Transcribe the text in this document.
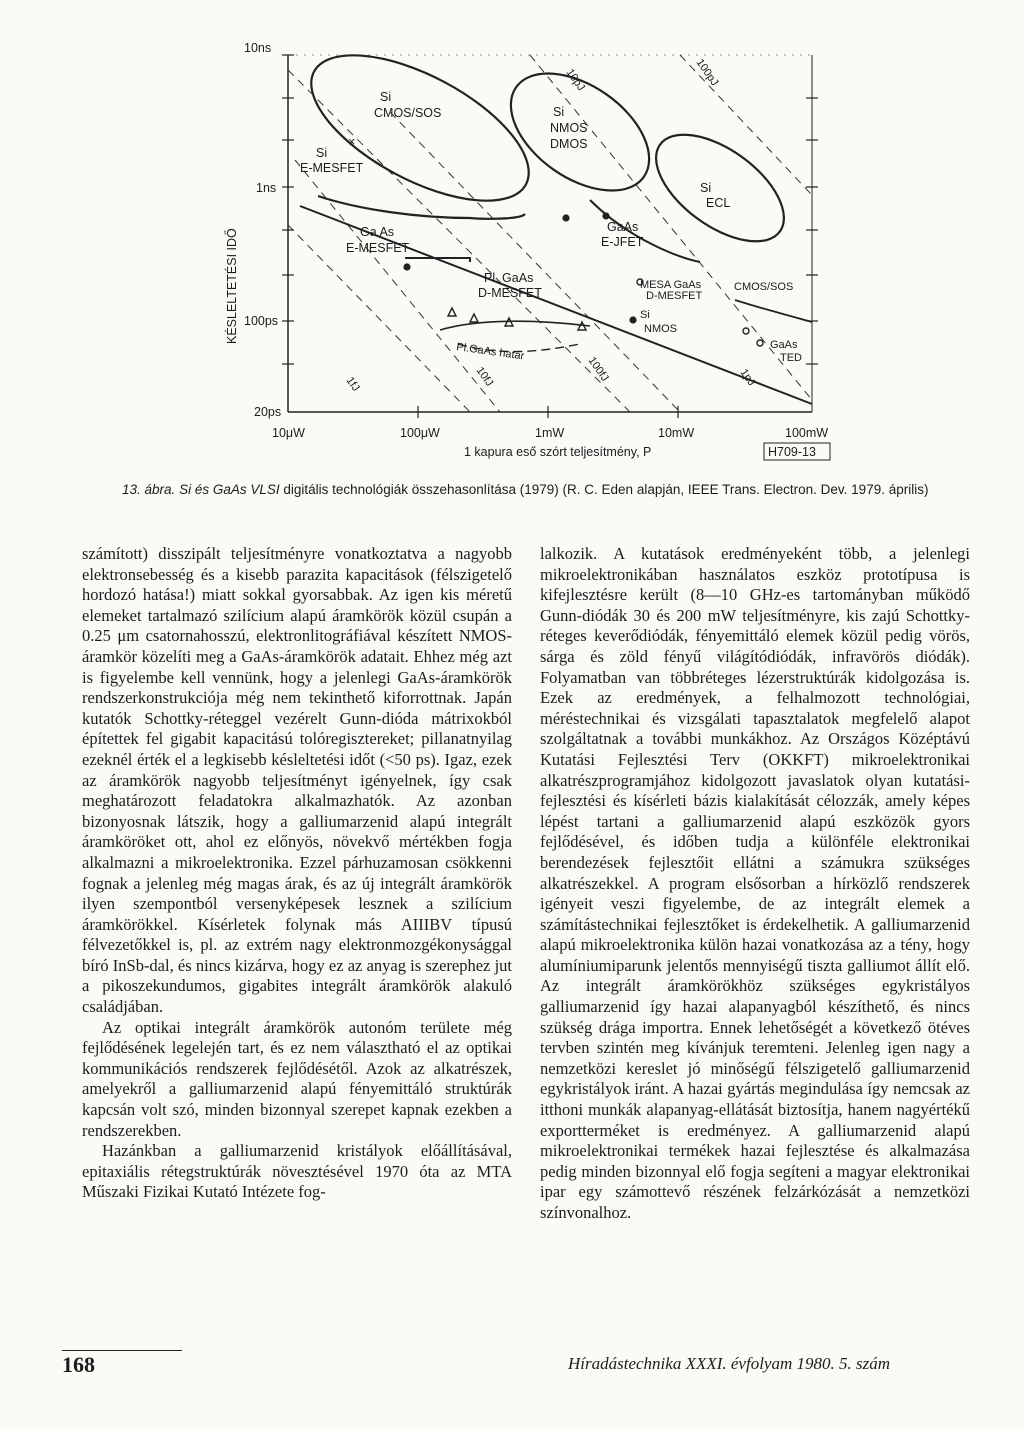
10ns
1ns
100ps
20ps
KÉSLELTETÉSI IDŐ
10μW	100μW	1mW	10mW	100mW
1 kapura eső szórt teljesítmény, P	H709-13
×
Si
CMOS/SOS	Si
NMOS
DMOS
Si
ECL
Si
E-MESFET
Ga As
E-MESFET
GaAs
E-JFET
Pl. GaAs
D-MESFET
MESA GaAs
D-MESFET
CMOS/SOS
Si
NMOS
GaAs
TED
Pl.GaAs határ
10pJ	100pJ
1pJ
10fJ	100fJ
1fJ
13. ábra. Si és GaAs VLSI digitális technológiák összehasonlítása (1979) (R. C. Eden alapján, IEEE Trans. Electron. Dev. 1979. április)

számított) disszipált teljesítményre vonatkoztatva a nagyobb elektronsebesség és a kisebb parazita kapacitások (félszigetelő hordozó hatása!) miatt sokkal gyorsabbak. Az igen kis méretű elemeket tartalmazó szilícium alapú áramkörök közül csupán a 0.25 μm csatornahosszú, elektronlitográfiával készített NMOS-áramkör közelíti meg a GaAs-áramkörök adatait. Ehhez még azt is figyelembe kell vennünk, hogy a jelenlegi GaAs-áramkörök rendszerkonstrukciója még nem tekinthető kiforrottnak. Japán kutatók Schottky-réteggel vezérelt Gunn-dióda mátrixokból építettek fel gigabit kapacitású tolóregisztereket; pillanatnyilag ezeknél érték el a legkisebb késleltetési időt (<50 ps). Igaz, ezek az áramkörök nagyobb teljesítményt igényelnek, így csak meghatározott feladatokra alkalmazhatók. Az azonban bizonyosnak látszik, hogy a galliumarzenid alapú integrált áramköröket ott, ahol ez előnyös, növekvő mértékben fogja alkalmazni a mikroelektronika. Ezzel párhuzamosan csökkenni fognak a jelenleg még magas árak, és az új integrált áramkörök ilyen szempontból versenyképesek lesznek a szilícium áramkörökkel. Kísérletek folynak más AIIIBV típusú félvezetőkkel is, pl. az extrém nagy elektronmozgékonysággal bíró InSb-dal, és nincs kizárva, hogy ez az anyag is szerephez jut a pikoszekundumos, gigabites integrált áramkörök alakuló családjában.

Az optikai integrált áramkörök autonóm területe még fejlődésének legelején tart, és ez nem választható el az optikai kommunikációs rendszerek fejlődésétől. Azok az alkatrészek, amelyekről a galliumarzenid alapú fényemittáló struktúrák kapcsán volt szó, minden bizonnyal szerepet kapnak ezekben a rendszerekben.

Hazánkban a galliumarzenid kristályok előállításával, epitaxiális rétegstruktúrák növesztésével 1970 óta az MTA Műszaki Fizikai Kutató Intézete fog-

lalkozik. A kutatások eredményeként több, a jelenlegi mikroelektronikában használatos eszköz prototípusa is kifejlesztésre került (8—10 GHz-es tartományban működő Gunn-diódák 30 és 200 mW teljesítményre, kis zajú Schottky-réteges keverődiódák, fényemittáló elemek közül pedig vörös, sárga és zöld fényű világítódiódák, infravörös diódák). Folyamatban van többréteges lézerstruktúrák kidolgozása is. Ezek az eredmények, a felhalmozott technológiai, méréstechnikai és vizsgálati tapasztalatok megfelelő alapot szolgáltatnak a további munkákhoz. Az Országos Középtávú Kutatási Fejlesztési Terv (OKKFT) mikroelektronikai alkatrészprogramjához kidolgozott javaslatok olyan kutatási-fejlesztési és kísérleti bázis kialakítását célozzák, amely képes lépést tartani a galliumarzenid alapú eszközök gyors fejlődésével, és időben tudja a különféle elektronikai berendezések fejlesztőit ellátni a számukra szükséges alkatrészekkel. A program elsősorban a hírközlő rendszerek igényeit veszi figyelembe, de az integrált elemek a számítástechnikai fejlesztőket is érdekelhetik. A galliumarzenid alapú mikroelektronika külön hazai vonatkozása az a tény, hogy alumíniumiparunk jelentős mennyiségű tiszta galliumot állít elő. Az integrált áramkörökhöz szükséges egykristályos galliumarzenid így hazai alapanyagból készíthető, és nincs szükség drága importra. Ennek lehetőségét a következő ötéves tervben szintén meg kívánjuk teremteni. Jelenleg igen nagy a nemzetközi kereslet jó minőségű félszigetelő galliumarzenid egykristályok iránt. A hazai gyártás megindulása így nemcsak az itthoni munkák alapanyag-ellátását biztosítja, hanem nagyértékű exportterméket is eredményez. A galliumarzenid alapú mikroelektronikai termékek hazai fejlesztése és alkalmazása pedig minden bizonnyal elő fogja segíteni a magyar elektronikai ipar egy számottevő részének felzárkózását a nemzetközi színvonalhoz.

168	Híradástechnika XXXI. évfolyam 1980. 5. szám
